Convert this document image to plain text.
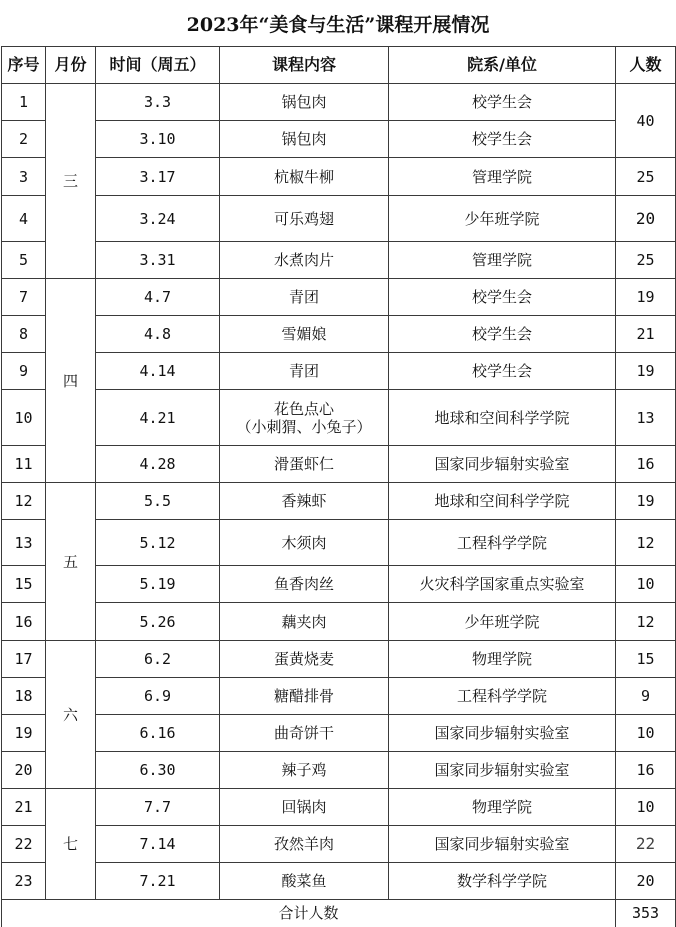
2023年“美食与生活”课程开展情况
序号	月份	时间（周五）	课程内容	院系/单位	人数
1	三	3.3	锅包肉	校学生会	40
2		3.10	锅包肉	校学生会	
3		3.17	杭椒牛柳	管理学院	25
4		3.24	可乐鸡翅	少年班学院	20
5		3.31	水煮肉片	管理学院	25
7	四	4.7	青团	校学生会	19
8		4.8	雪媚娘	校学生会	21
9		4.14	青团	校学生会	19
10		4.21	花色点心
（小刺猬、小兔子）	地球和空间科学学院	13
11		4.28	滑蛋虾仁	国家同步辐射实验室	16
12	五	5.5	香辣虾	地球和空间科学学院	19
13		5.12	木须肉	工程科学学院	12
15		5.19	鱼香肉丝	火灾科学国家重点实验室	10
16		5.26	藕夹肉	少年班学院	12
17	六	6.2	蛋黄烧麦	物理学院	15
18		6.9	糖醋排骨	工程科学学院	9
19		6.16	曲奇饼干	国家同步辐射实验室	10
20		6.30	辣子鸡	国家同步辐射实验室	16
21	七	7.7	回锅肉	物理学院	10
22		7.14	孜然羊肉	国家同步辐射实验室	22
23		7.21	酸菜鱼	数学科学学院	20
合计人数					353
